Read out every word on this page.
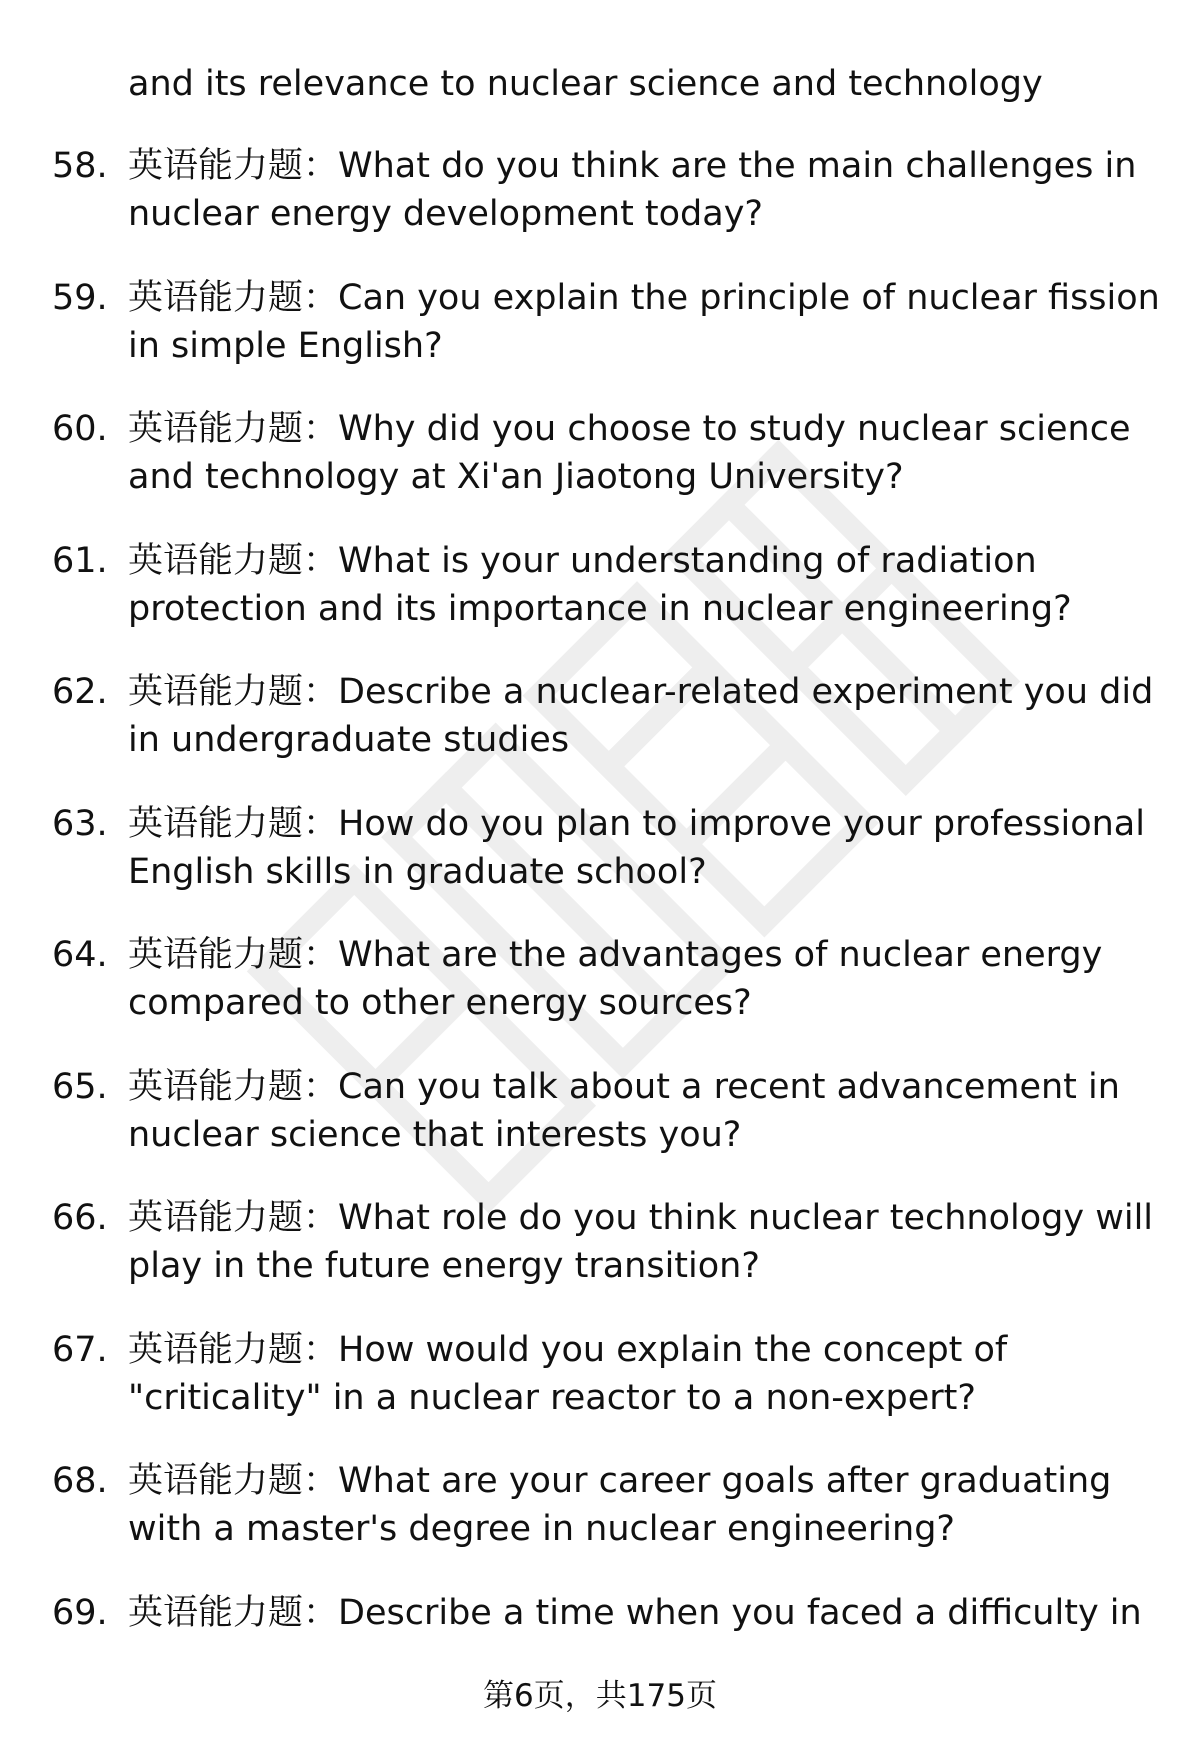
and its relevance to nuclear science and technology
58. 英语能力题：What do you think are the main challenges in
nuclear energy development today?
59. 英语能力题：Can you explain the principle of nuclear fission
in simple English?
60. 英语能力题：Why did you choose to study nuclear science
and technology at Xi'an Jiaotong University?
61. 英语能力题：What is your understanding of radiation
protection and its importance in nuclear engineering?
62. 英语能力题：Describe a nuclear-related experiment you did
in undergraduate studies
63. 英语能力题：How do you plan to improve your professional
English skills in graduate school?
64. 英语能力题：What are the advantages of nuclear energy
compared to other energy sources?
65. 英语能力题：Can you talk about a recent advancement in
nuclear science that interests you?
66. 英语能力题：What role do you think nuclear technology will
play in the future energy transition?
67. 英语能力题：How would you explain the concept of
"criticality" in a nuclear reactor to a non-expert?
68. 英语能力题：What are your career goals after graduating
with a master's degree in nuclear engineering?
69. 英语能力题：Describe a time when you faced a difficulty in
第6页，共175页
